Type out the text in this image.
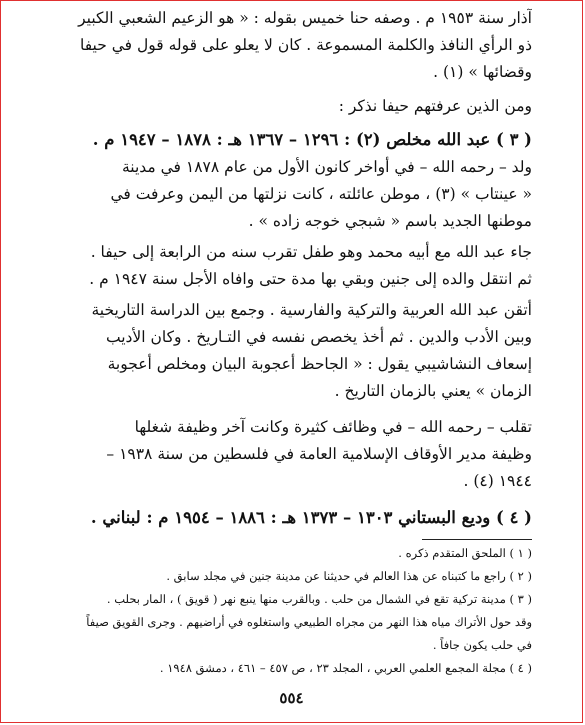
آذار سنة ١٩٥٣ م . وصفه حنا خميس بقوله : « هو الزعيم الشعبي الكبير
ذو الرأي النافذ والكلمة المسموعة . كان لا يعلو على قوله قول في حيفا
وقضائها » (١) .
ومن الذين عرفتهم حيفا نذكر :
( ٣ ) عبد الله مخلص (٢) : ١٢٩٦ – ١٣٦٧ هـ : ١٨٧٨ – ١٩٤٧ م .
ولد – رحمه الله – في أواخر كانون الأول من عام ١٨٧٨ في مدينة
« عينتاب » (٣) ، موطن عائلته ، كانت نزلتها من اليمن وعرفت في
موطنها الجديد باسم « شبجي خوجه زاده » .
جاء عبد الله مع أبيه محمد وهو طفل تقرب سنه من الرابعة إلى حيفا .
ثم انتقل والده إلى جنين وبقي بها مدة حتى وافاه الأجل سنة ١٩٤٧ م .
أتقن عبد الله العربية والتركية والفارسية . وجمع بين الدراسة التاريخية
وبين الأدب والدين . ثم أخذ يخصص نفسه في التـاريخ . وكان الأديب
إسعاف النشاشيبي يقول : « الجاحظ أعجوبة البيان ومخلص أعجوبة
الزمان » يعني بالزمان التاريخ .
تقلب – رحمه الله – في وظائف كثيرة وكانت آخر وظيفة شغلها
وظيفة مدير الأوقاف الإسلامية العامة في فلسطين من سنة ١٩٣٨ –
١٩٤٤ (٤) .
( ٤ ) وديع البستاني ١٣٠٣ – ١٣٧٣ هـ : ١٨٨٦ – ١٩٥٤ م : لبناني .
( ١ ) الملحق المتقدم ذكره .
( ٢ ) راجع ما كتبناه عن هذا العالم في حديثنا عن مدينة جنين في مجلد سابق .
( ٣ ) مدينة تركية تقع في الشمال من حلب . وبالقرب منها ينبع نهر ( قويق ) ، المار بحلب .
وقد حول الأتراك مياه هذا النهر من مجراه الطبيعي واستغلوه في أراضيهم . وجرى القويق صيفاً
في حلب يكون جافاً .
( ٤ ) مجلة المجمع العلمي العربي ، المجلد ٢٣ ، ص ٤٥٧ – ٤٦١ ، دمشق ١٩٤٨ .
٥٥٤
